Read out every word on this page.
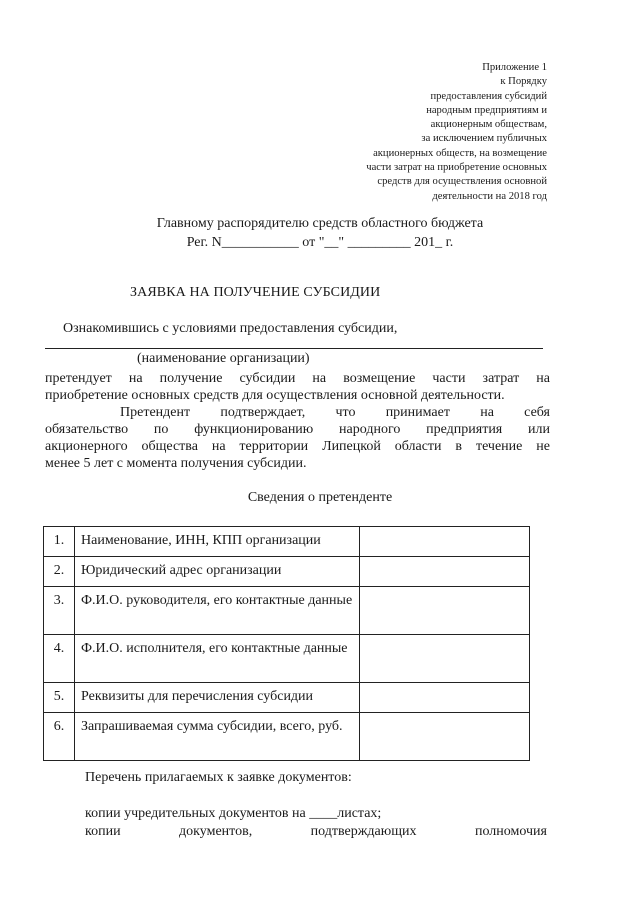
Приложение 1
к Порядку
предоставления субсидий
народным предприятиям и
акционерным обществам,
за исключением публичных
акционерных обществ, на возмещение
части затрат на приобретение основных
средств для осуществления основной
деятельности на 2018 год
Главному распорядителю средств областного бюджета
Рег. N___________ от "__" _________ 201_ г.
ЗАЯВКА НА ПОЛУЧЕНИЕ СУБСИДИИ
Ознакомившись с условиями предоставления субсидии,
(наименование организации)
претендует на получение субсидии на возмещение части затрат на
приобретение основных средств для осуществления основной деятельности.
Претендент подтверждает, что принимает на себя
обязательство по функционированию народного предприятия или
акционерного общества на территории Липецкой области в течение не
менее 5 лет с момента получения субсидии.
Сведения о претенденте
1.	Наименование, ИНН, КПП организации	
2.	Юридический адрес организации	
3.	Ф.И.О. руководителя, его контактные данные	
4.	Ф.И.О. исполнителя, его контактные данные	
5.	Реквизиты для перечисления субсидии	
6.	Запрашиваемая сумма субсидии, всего, руб.	
Перечень прилагаемых к заявке документов:
копии учредительных документов на ____листах;
копии	документов,	подтверждающих	полномочия
